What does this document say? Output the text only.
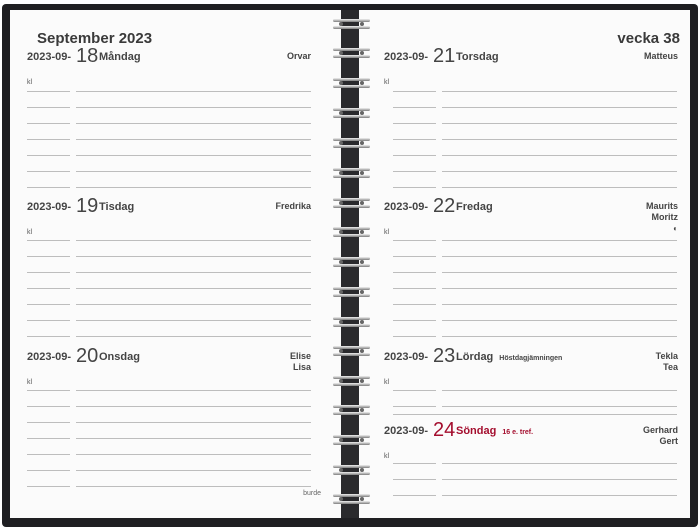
September 2023
2023-09- 18 Måndag	Orvar
kl
2023-09- 19 Tisdag	Fredrika
kl
2023-09- 20 Onsdag	Elise
Lisa
kl
burde
vecka 38
2023-09- 21 Torsdag	Matteus
kl
2023-09- 22 Fredag	Maurits
Moritz
◐
kl
2023-09- 23 Lördag Höstdagjämningen	Tekla
Tea
kl
2023-09- 24 Söndag 16 e. tref.	Gerhard
Gert
kl
